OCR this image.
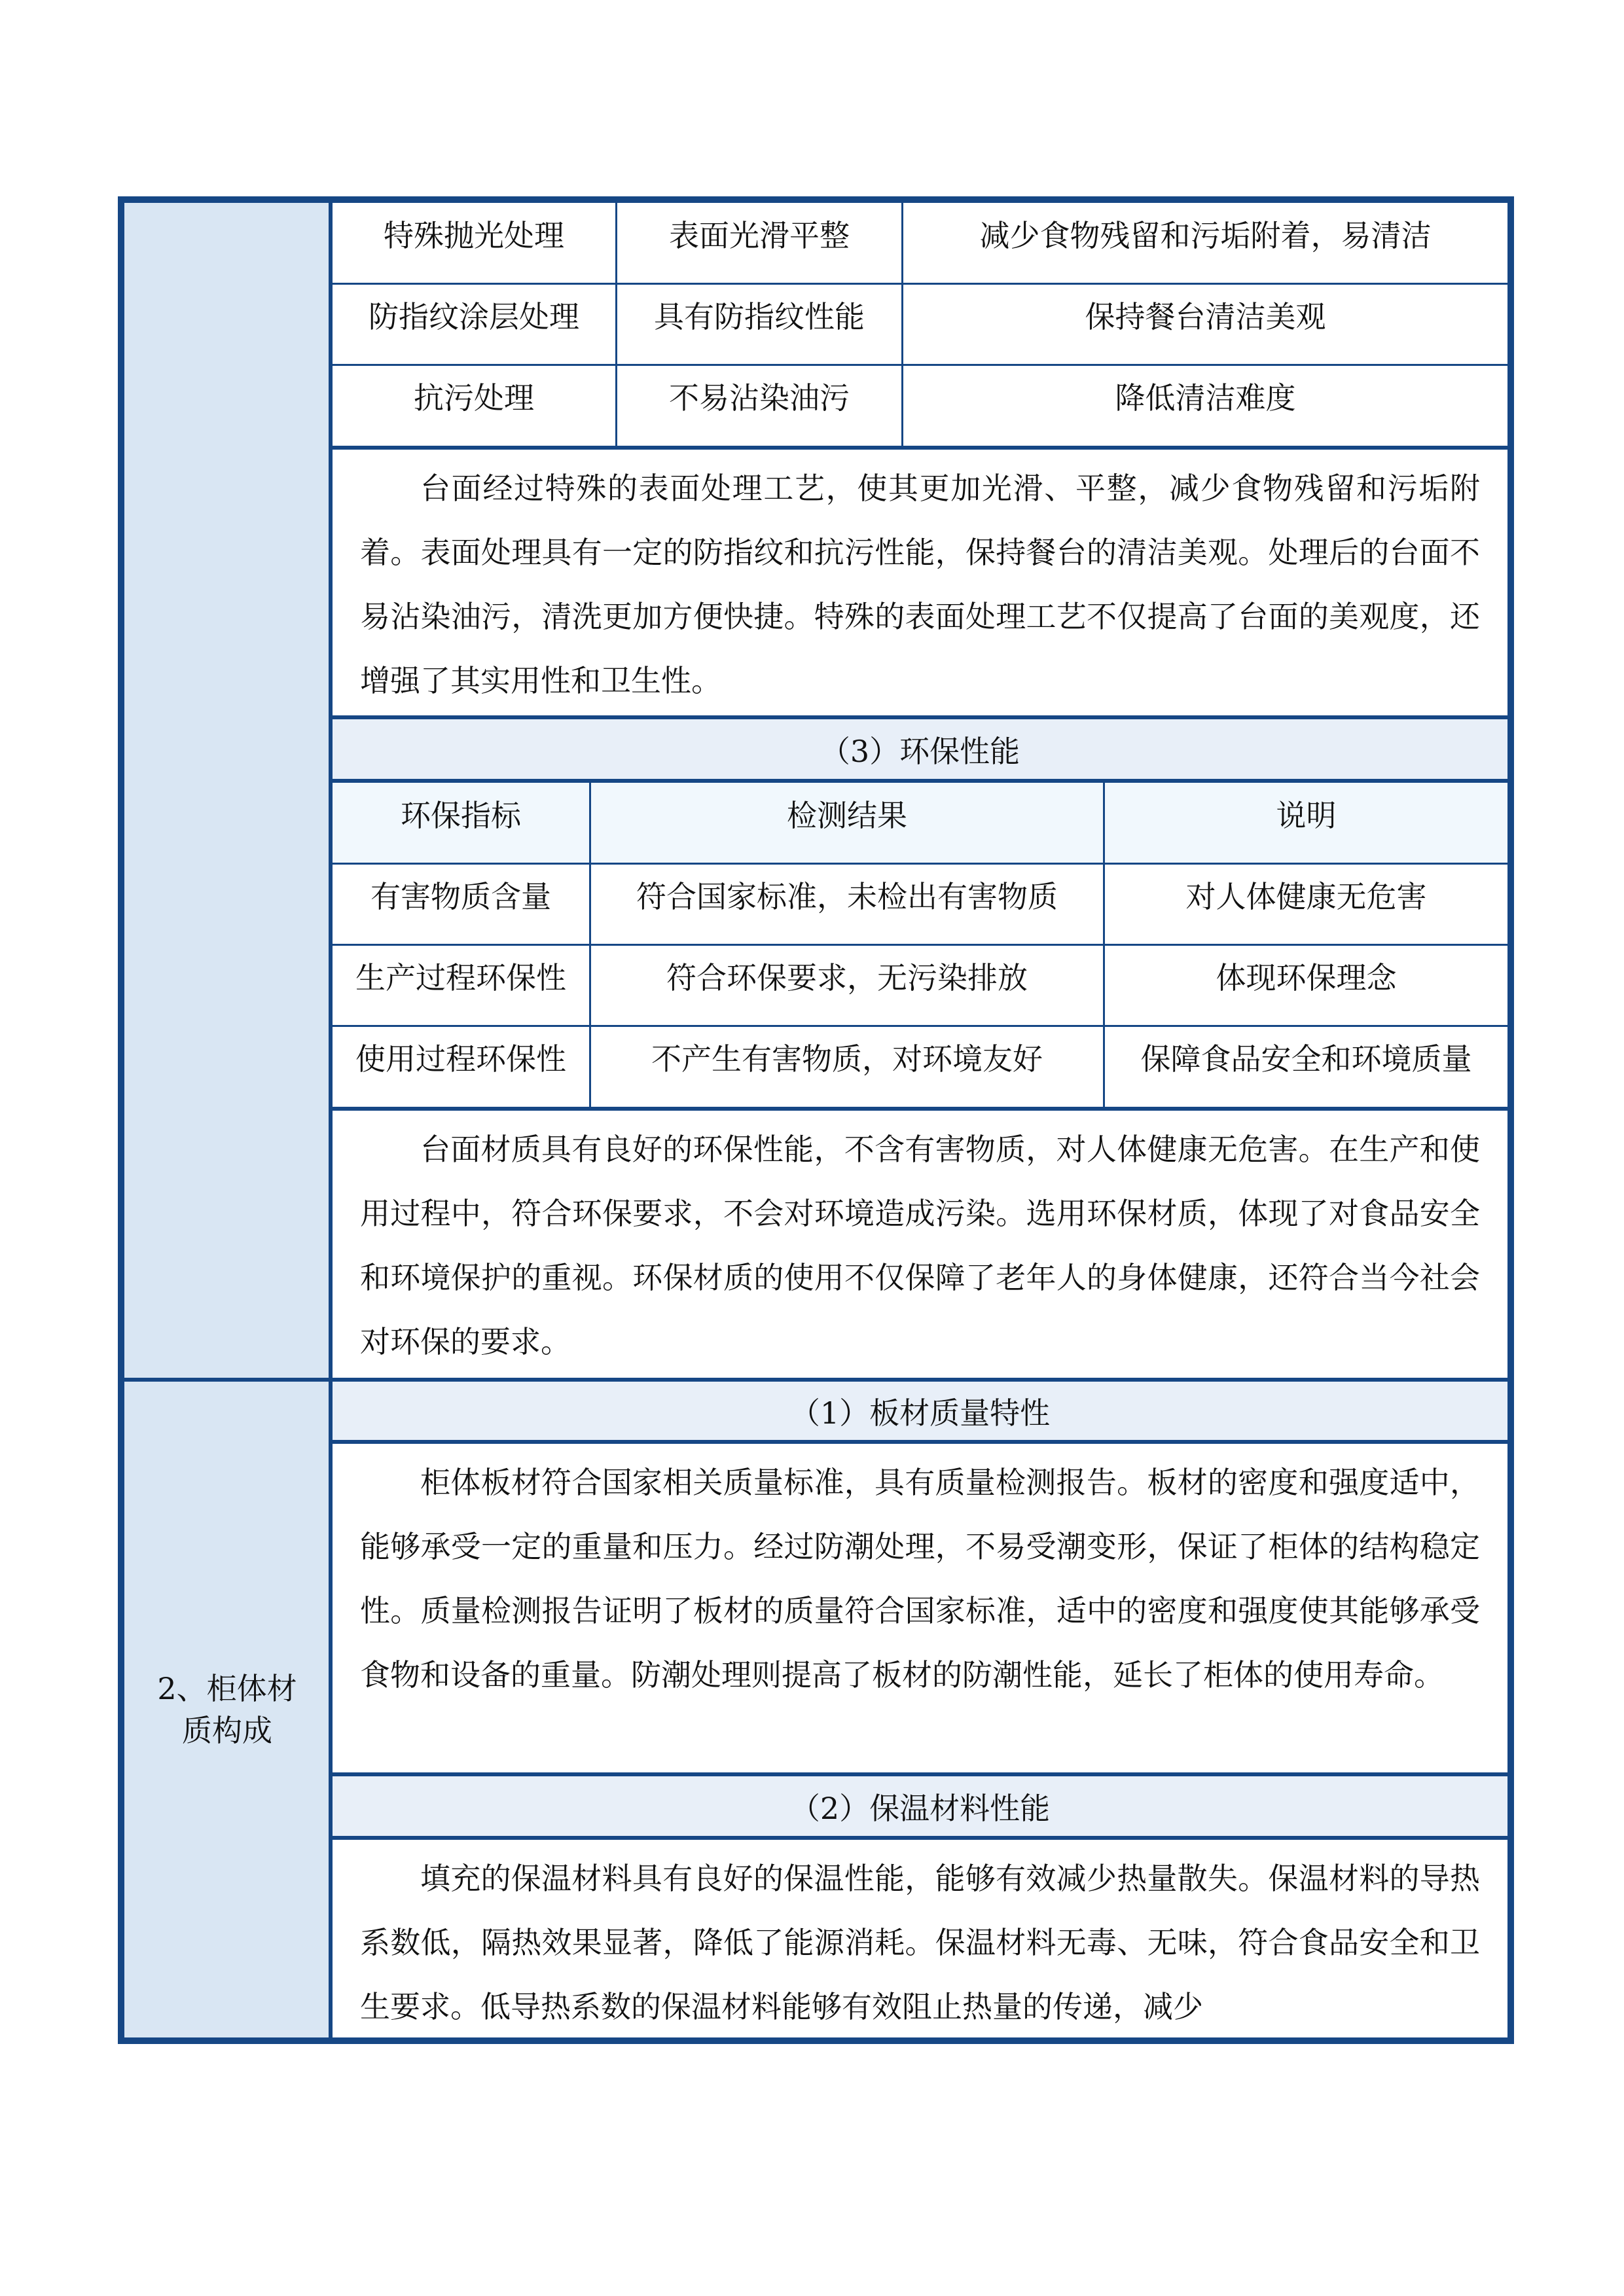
2、柜体材质构成
特殊抛光处理	表面光滑平整	减少食物残留和污垢附着，易清洁
防指纹涂层处理	具有防指纹性能	保持餐台清洁美观
抗污处理	不易沾染油污	降低清洁难度
台面经过特殊的表面处理工艺，使其更加光滑、平整，减少食物残留和污垢附着。表面处理具有一定的防指纹和抗污性能，保持餐台的清洁美观。处理后的台面不易沾染油污，清洗更加方便快捷。特殊的表面处理工艺不仅提高了台面的美观度，还增强了其实用性和卫生性。
（3）环保性能
环保指标	检测结果	说明
有害物质含量	符合国家标准，未检出有害物质	对人体健康无危害
生产过程环保性	符合环保要求，无污染排放	体现环保理念
使用过程环保性	不产生有害物质，对环境友好	保障食品安全和环境质量
台面材质具有良好的环保性能，不含有害物质，对人体健康无危害。在生产和使用过程中，符合环保要求，不会对环境造成污染。选用环保材质，体现了对食品安全和环境保护的重视。环保材质的使用不仅保障了老年人的身体健康，还符合当今社会对环保的要求。
（1）板材质量特性
柜体板材符合国家相关质量标准，具有质量检测报告。板材的密度和强度适中，能够承受一定的重量和压力。经过防潮处理，不易受潮变形，保证了柜体的结构稳定性。质量检测报告证明了板材的质量符合国家标准，适中的密度和强度使其能够承受食物和设备的重量。防潮处理则提高了板材的防潮性能，延长了柜体的使用寿命。
（2）保温材料性能
填充的保温材料具有良好的保温性能，能够有效减少热量散失。保温材料的导热系数低，隔热效果显著，降低了能源消耗。保温材料无毒、无味，符合食品安全和卫生要求。低导热系数的保温材料能够有效阻止热量的传递，减少
